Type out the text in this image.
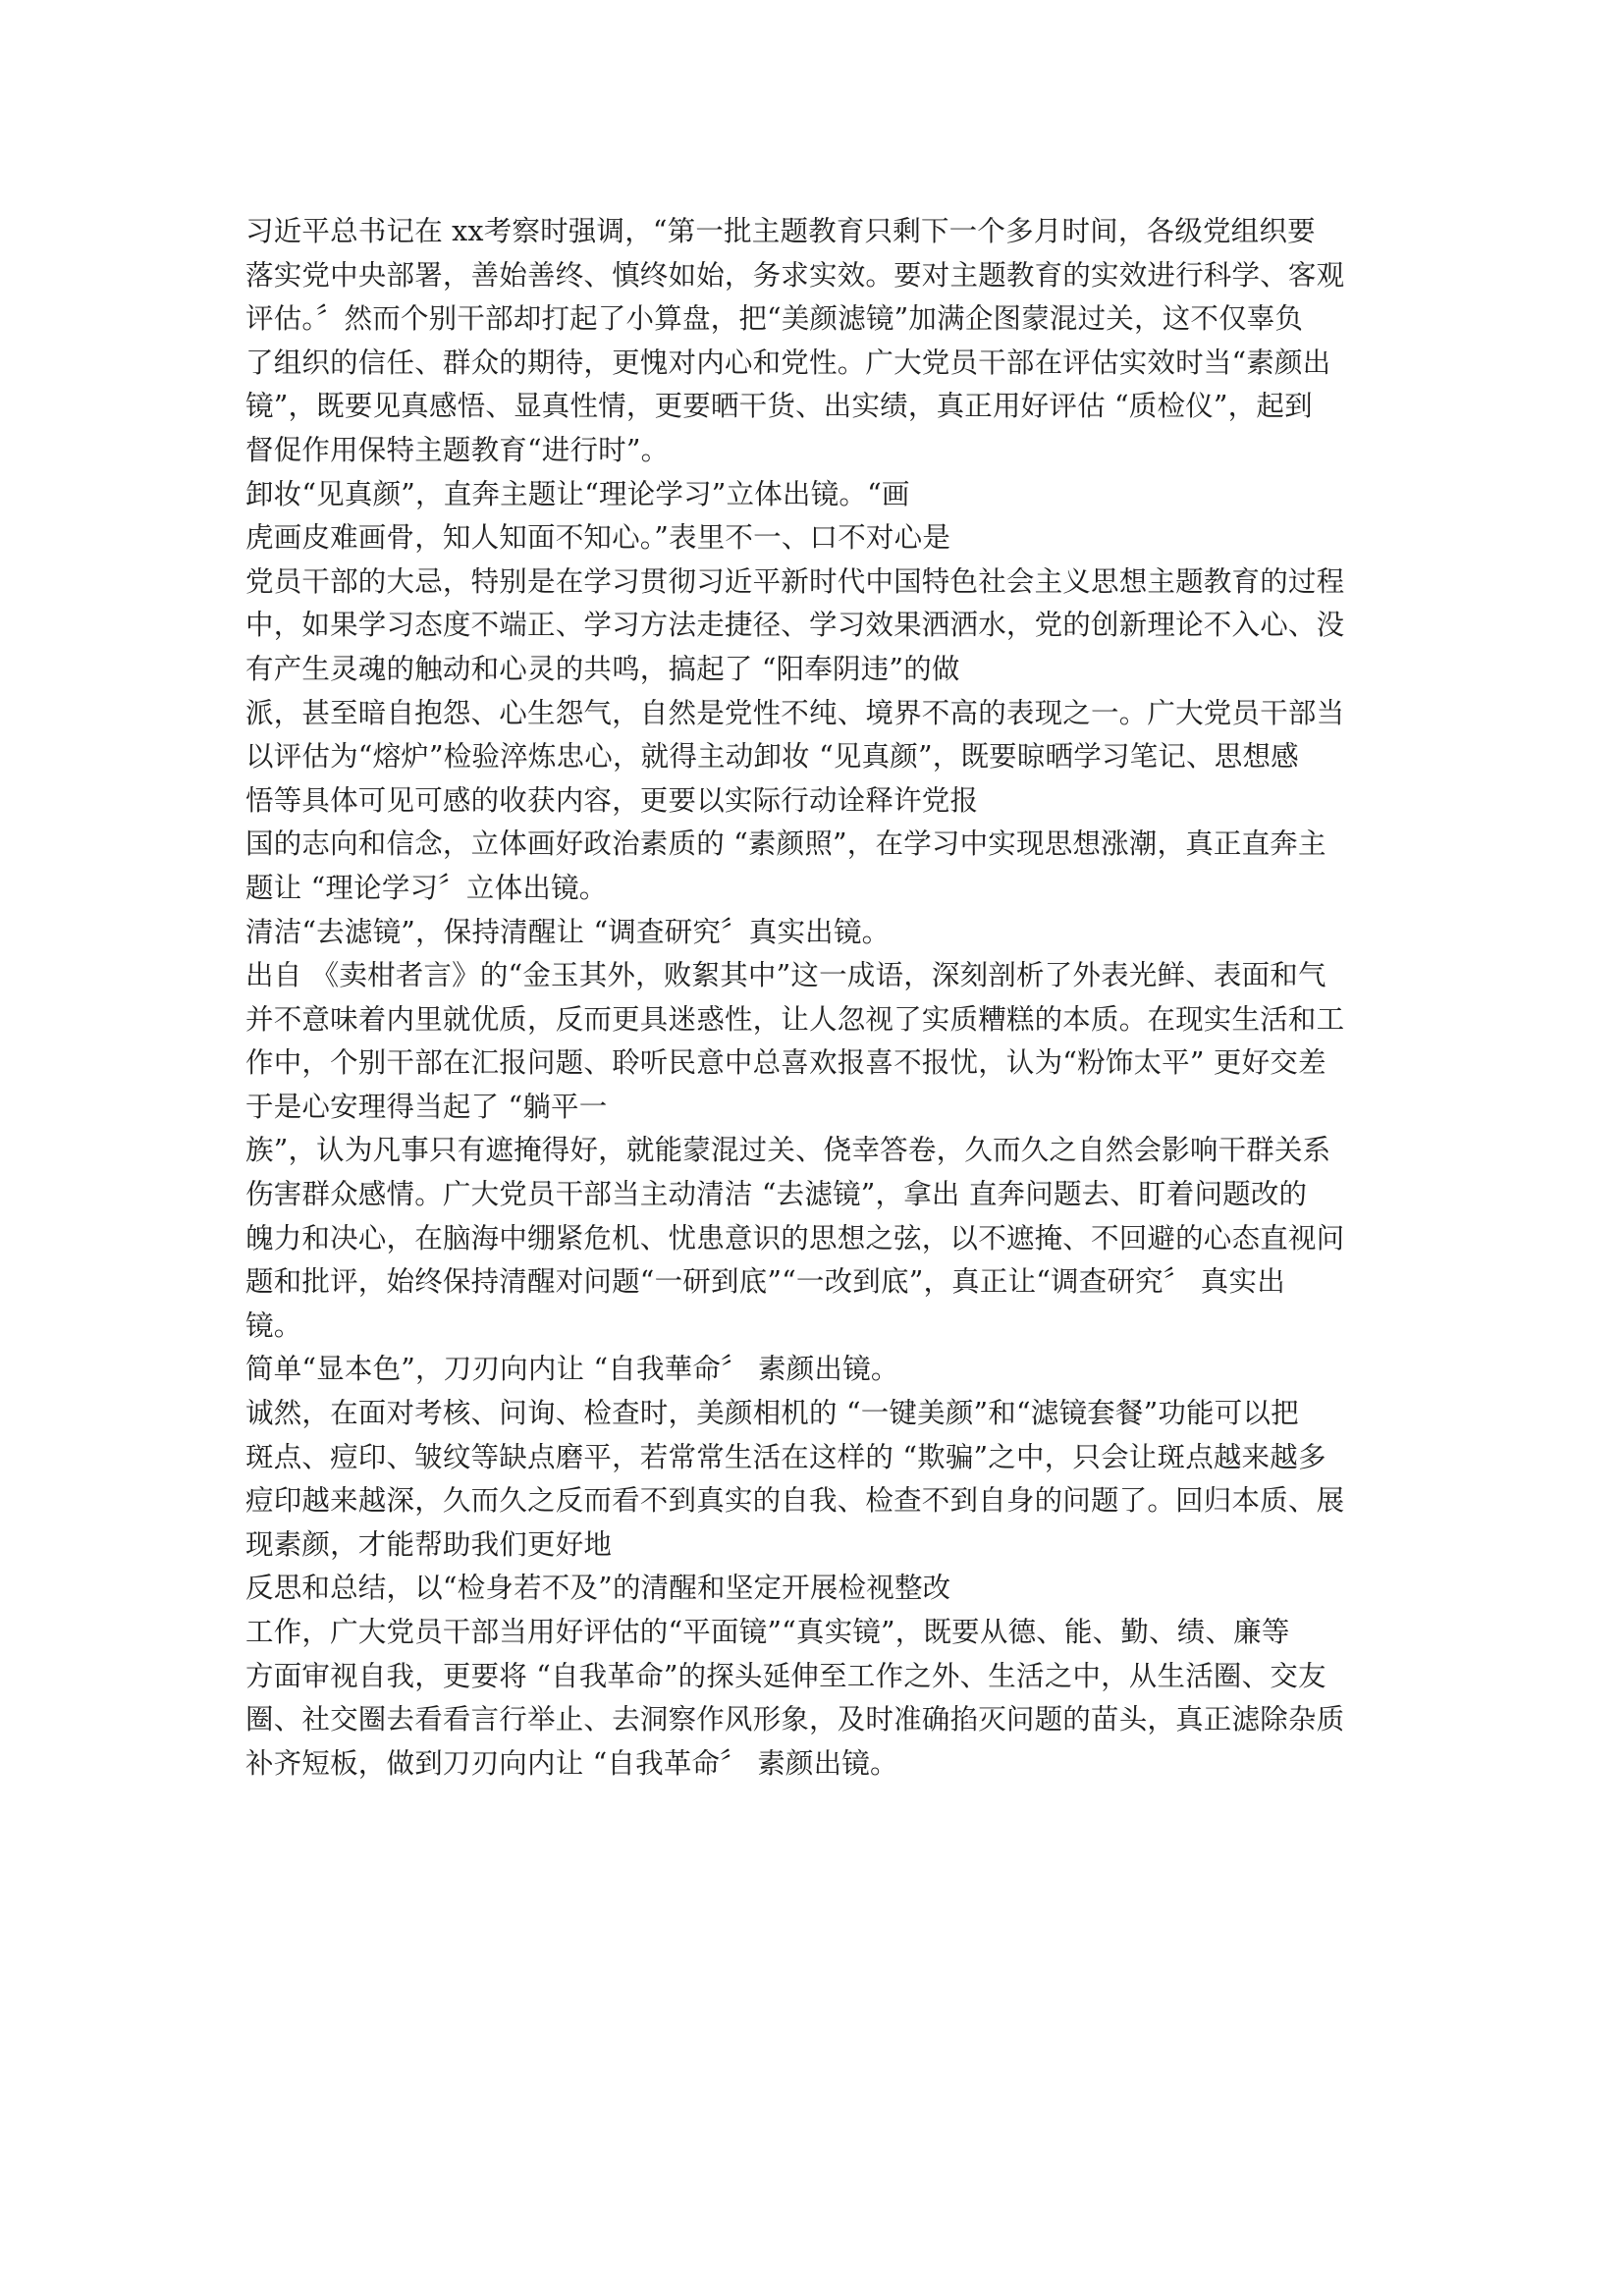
习近平总书记在 xx考察时强调，“第一批主题教育只剩下一个多月时间，各级党组织要
落实党中央部署，善始善终、慎终如始，务求实效。要对主题教育的实效进行科学、客观
评估。〞然而个别干部却打起了小算盘，把“美颜滤镜”加满企图蒙混过关，这不仅辜负
了组织的信任、群众的期待，更愧对内心和党性。广大党员干部在评估实效时当“素颜出
镜”，既要见真感悟、显真性情，更要晒干货、出实绩，真正用好评估 “质检仪”，起到
督促作用保特主题教育“进行时”。
卸妆“见真颜”，直奔主题让“理论学习”立体出镜。“画
虎画皮难画骨，知人知面不知心。”表里不一、口不对心是
党员干部的大忌，特别是在学习贯彻习近平新时代中国特色社会主义思想主题教育的过程
中，如果学习态度不端正、学习方法走捷径、学习效果洒洒水，党的创新理论不入心、没
有产生灵魂的触动和心灵的共鸣，搞起了 “阳奉阴违”的做
派，甚至暗自抱怨、心生怨气，自然是党性不纯、境界不高的表现之一。广大党员干部当
以评估为“熔炉”检验淬炼忠心，就得主动卸妆 “见真颜”，既要晾晒学习笔记、思想感
悟等具体可见可感的收获内容，更要以实际行动诠释许党报
国的志向和信念，立体画好政治素质的 “素颜照”，在学习中实现思想涨潮，真正直奔主
题让 “理论学习〞立体出镜。
清洁“去滤镜”，保持清醒让 “调查研究〞真实出镜。
出自 《卖柑者言》的“金玉其外，败絮其中”这一成语，深刻剖析了外表光鲜、表面和气
并不意味着内里就优质，反而更具迷惑性，让人忽视了实质糟糕的本质。在现实生活和工
作中，个别干部在汇报问题、聆听民意中总喜欢报喜不报忧，认为“粉饰太平” 更好交差
于是心安理得当起了 “躺平一
族”，认为凡事只有遮掩得好，就能蒙混过关、侥幸答卷，久而久之自然会影响干群关系
伤害群众感情。广大党员干部当主动清洁 “去滤镜”，拿出 直奔问题去、盯着问题改的
魄力和决心，在脑海中绷紧危机、忧患意识的思想之弦，以不遮掩、不回避的心态直视问
题和批评，始终保持清醒对问题“一研到底”“一改到底”，真正让“调查研究〞 真实出
镜。
简单“显本色”，刀刃向内让 “自我華命〞 素颜出镜。
诚然，在面对考核、问询、检查时，美颜相机的 “一键美颜”和“滤镜套餐”功能可以把
斑点、痘印、皱纹等缺点磨平，若常常生活在这样的 “欺骗”之中，只会让斑点越来越多
痘印越来越深，久而久之反而看不到真实的自我、检查不到自身的问题了。回归本质、展
现素颜，才能帮助我们更好地
反思和总结，以“检身若不及”的清醒和坚定开展检视整改
工作，广大党员干部当用好评估的“平面镜”“真实镜”，既要从德、能、勤、绩、廉等
方面审视自我，更要将 “自我革命”的探头延伸至工作之外、生活之中，从生活圈、交友
圈、社交圈去看看言行举止、去洞察作风形象，及时准确掐灭问题的苗头，真正滤除杂质
补齐短板，做到刀刃向内让 “自我革命〞 素颜出镜。
